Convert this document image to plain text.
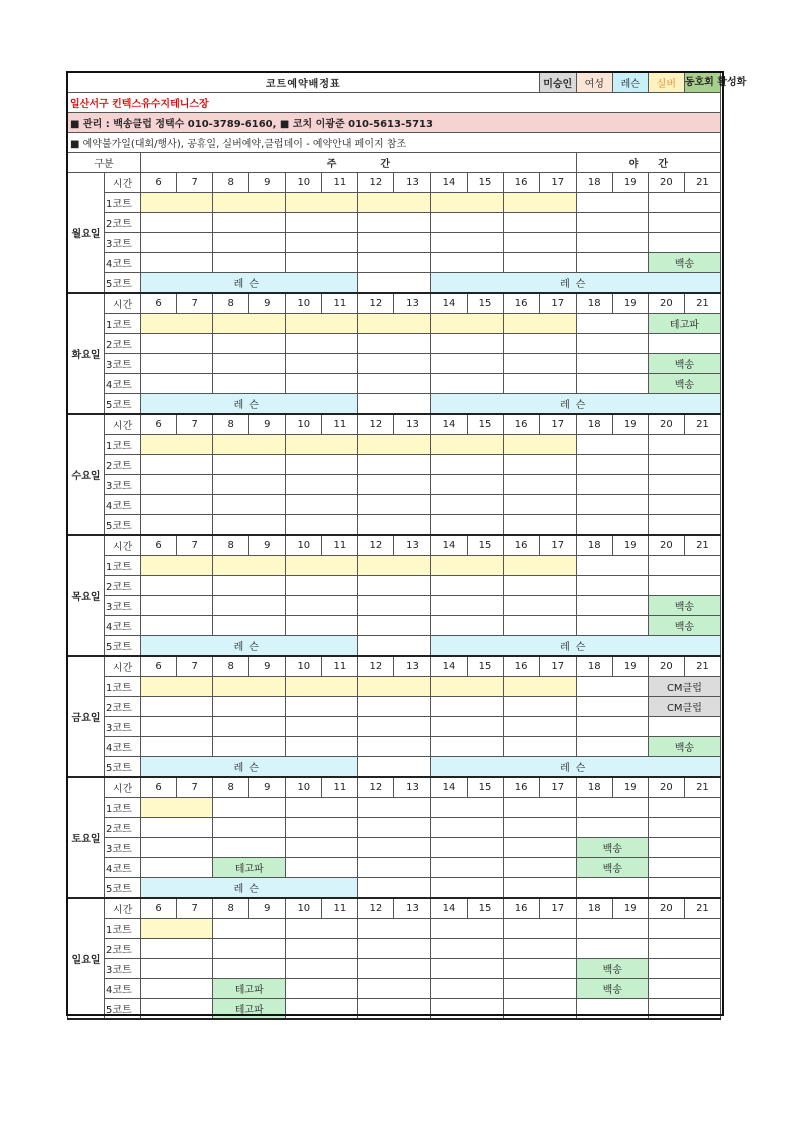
코트예약배정표													미승인	여성	레슨	실버	동호회 활성화
일산서구 킨텍스유수지테니스장																	
■ 관리 : 백송클럽 정택수 010-3789-6160, ■ 코치 이광준 010-5613-5713																	
■ 예약불가일(대회/행사), 공휴일, 실버예약,클럽데이 - 예약안내 페이지 참조																	
구분		주간												야간			
월요일	시간	6	7	8	9	10	11	12	13	14	15	16	17	18	19	20	21
	1코트																
	2코트																
	3코트																
	4코트															백송	
	5코트	레슨								레슨							
화요일	시간	6	7	8	9	10	11	12	13	14	15	16	17	18	19	20	21
	1코트															테고파	
	2코트																
	3코트															백송	
	4코트															백송	
	5코트	레슨								레슨							
수요일	시간	6	7	8	9	10	11	12	13	14	15	16	17	18	19	20	21
	1코트																
	2코트																
	3코트																
	4코트																
	5코트																
목요일	시간	6	7	8	9	10	11	12	13	14	15	16	17	18	19	20	21
	1코트																
	2코트																
	3코트															백송	
	4코트															백송	
	5코트	레슨								레슨							
금요일	시간	6	7	8	9	10	11	12	13	14	15	16	17	18	19	20	21
	1코트															CM클럽	
	2코트															CM클럽	
	3코트																
	4코트															백송	
	5코트	레슨								레슨							
토요일	시간	6	7	8	9	10	11	12	13	14	15	16	17	18	19	20	21
	1코트																
	2코트																
	3코트													백송			
	4코트			테고파										백송			
	5코트	레슨															
일요일	시간	6	7	8	9	10	11	12	13	14	15	16	17	18	19	20	21
	1코트																
	2코트																
	3코트													백송			
	4코트			테고파										백송			
	5코트			테고파													
